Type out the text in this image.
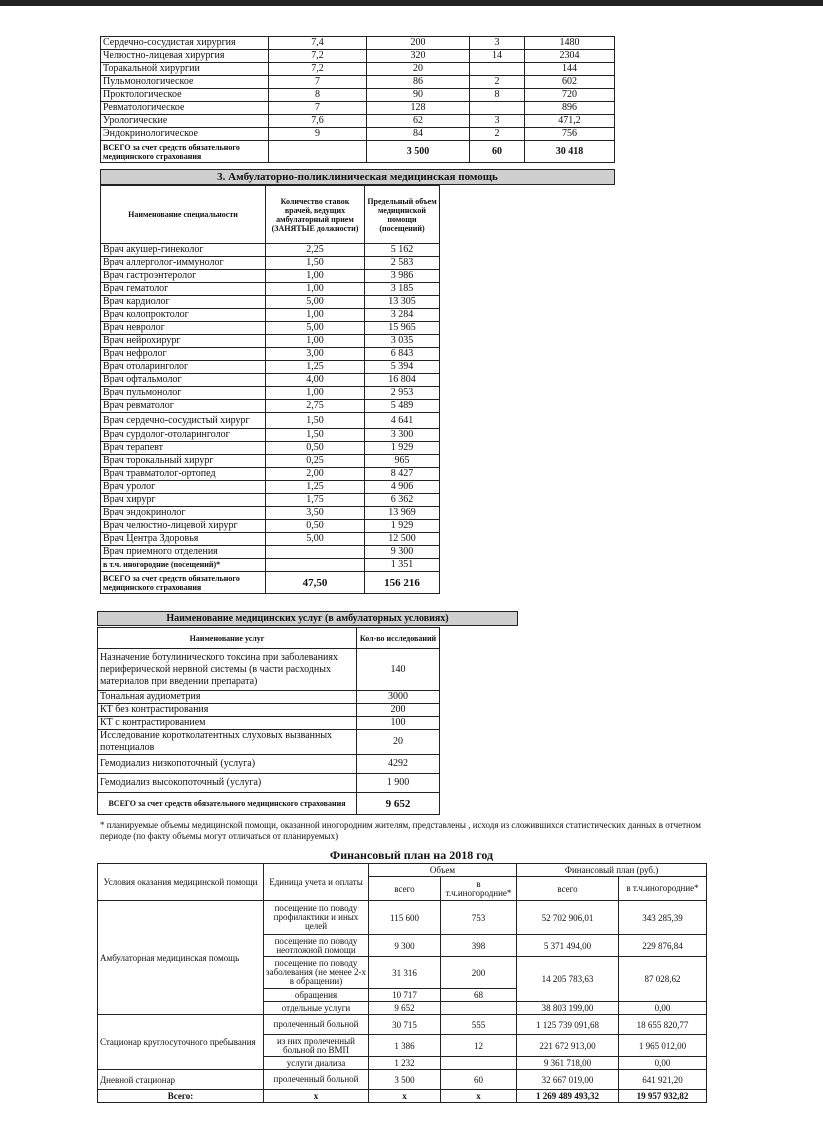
Сердечно-сосудистая хирургия	7,4	200	3	1480
Челюстно-лицевая хирургия	7,2	320	14	2304
Торакальной хирургии	7,2	20		144
Пульмонологическое	7	86	2	602
Проктологическое	8	90	8	720
Ревматологическое	7	128		896
Урологические	7,6	62	3	471,2
Эндокринологическое	9	84	2	756
ВСЕГО за счет средств обязательного медицинского страхования		3 500	60	30 418
3. Амбулаторно-поликлиническая медицинская помощь
Наименование специальности	Количество ставок врачей, ведущих амбулаторный прием (ЗАНЯТЫЕ должности)	Предельный объем медицинской помощи (посещений)
Врач акушер-гинеколог	2,25	5 162
Врач аллерголог-иммунолог	1,50	2 583
Врач гастроэнтеролог	1,00	3 986
Врач гематолог	1,00	3 185
Врач кардиолог	5,00	13 305
Врач колопроктолог	1,00	3 284
Врач невролог	5,00	15 965
Врач нейрохирург	1,00	3 035
Врач нефролог	3,00	6 843
Врач отоларинголог	1,25	5 394
Врач офтальмолог	4,00	16 804
Врач пульмонолог	1,00	2 953
Врач ревматолог	2,75	5 489
Врач сердечно-сосудистый хирург	1,50	4 641
Врач сурдолог-отоларинголог	1,50	3 300
Врач терапевт	0,50	1 929
Врач торокальный хирург	0,25	965
Врач травматолог-ортопед	2,00	8 427
Врач уролог	1,25	4 906
Врач хирург	1,75	6 362
Врач эндокринолог	3,50	13 969
Врач челюстно-лицевой хирург	0,50	1 929
Врач Центра Здоровья	5,00	12 500
Врач приемного отделения		9 300
в т.ч. иногородние (посещений)*		1 351
ВСЕГО за счет средств обязательного медицинского страхования	47,50	156 216
Наименование медицинских услуг (в амбулаторных условиях)
Наименование услуг	Кол-во исследований
Назначение ботулинического токсина при заболеваниях периферической нервной системы (в части расходных материалов при введении препарата)	140
Тональная аудиометрия	3000
КТ без контрастирования	200
КТ с контрастированием	100
Исследование коротколатентных слуховых вызванных потенциалов	20
Гемодиализ низкопоточный (услуга)	4292
Гемодиализ высокопоточный (услуга)	1 900
ВСЕГО за счет средств обязательного медицинского страхования	9 652
* планируемые объемы медицинской помощи, оказанной иногородним жителям, представлены , исходя из сложившихся статистических данных в отчетном периоде (по факту объемы могут отличаться от планируемых)
Финансовый план на 2018 год
Условия оказания медицинской помощи	Единица учета и оплаты	Объем		Финансовый план (руб.)	
		всего	в т.ч.иногородние*	всего	в т.ч.иногородние*
Амбулаторная медицинская помощь	посещение по поводу профилактики и иных целей	115 600	753	52 702 906,01	343 285,39
	посещение по поводу неотложной помощи	9 300	398	5 371 494,00	229 876,84
	посещение по поводу заболевания (не менее 2-х в обращении)	31 316	200	14 205 783,63	87 028,62
	обращения	10 717	68		
	отдельные услуги	9 652		38 803 199,00	0,00
Стационар круглосуточного пребывания	пролеченный больной	30 715	555	1 125 739 091,68	18 655 820,77
	из них пролеченный больной по ВМП	1 386	12	221 672 913,00	1 965 012,00
	услуги диализа	1 232		9 361 718,00	0,00
Дневной стационар	пролеченный больной	3 500	60	32 667 019,00	641 921,20
Всего:	х	х	х	1 269 489 493,32	19 957 932,82
